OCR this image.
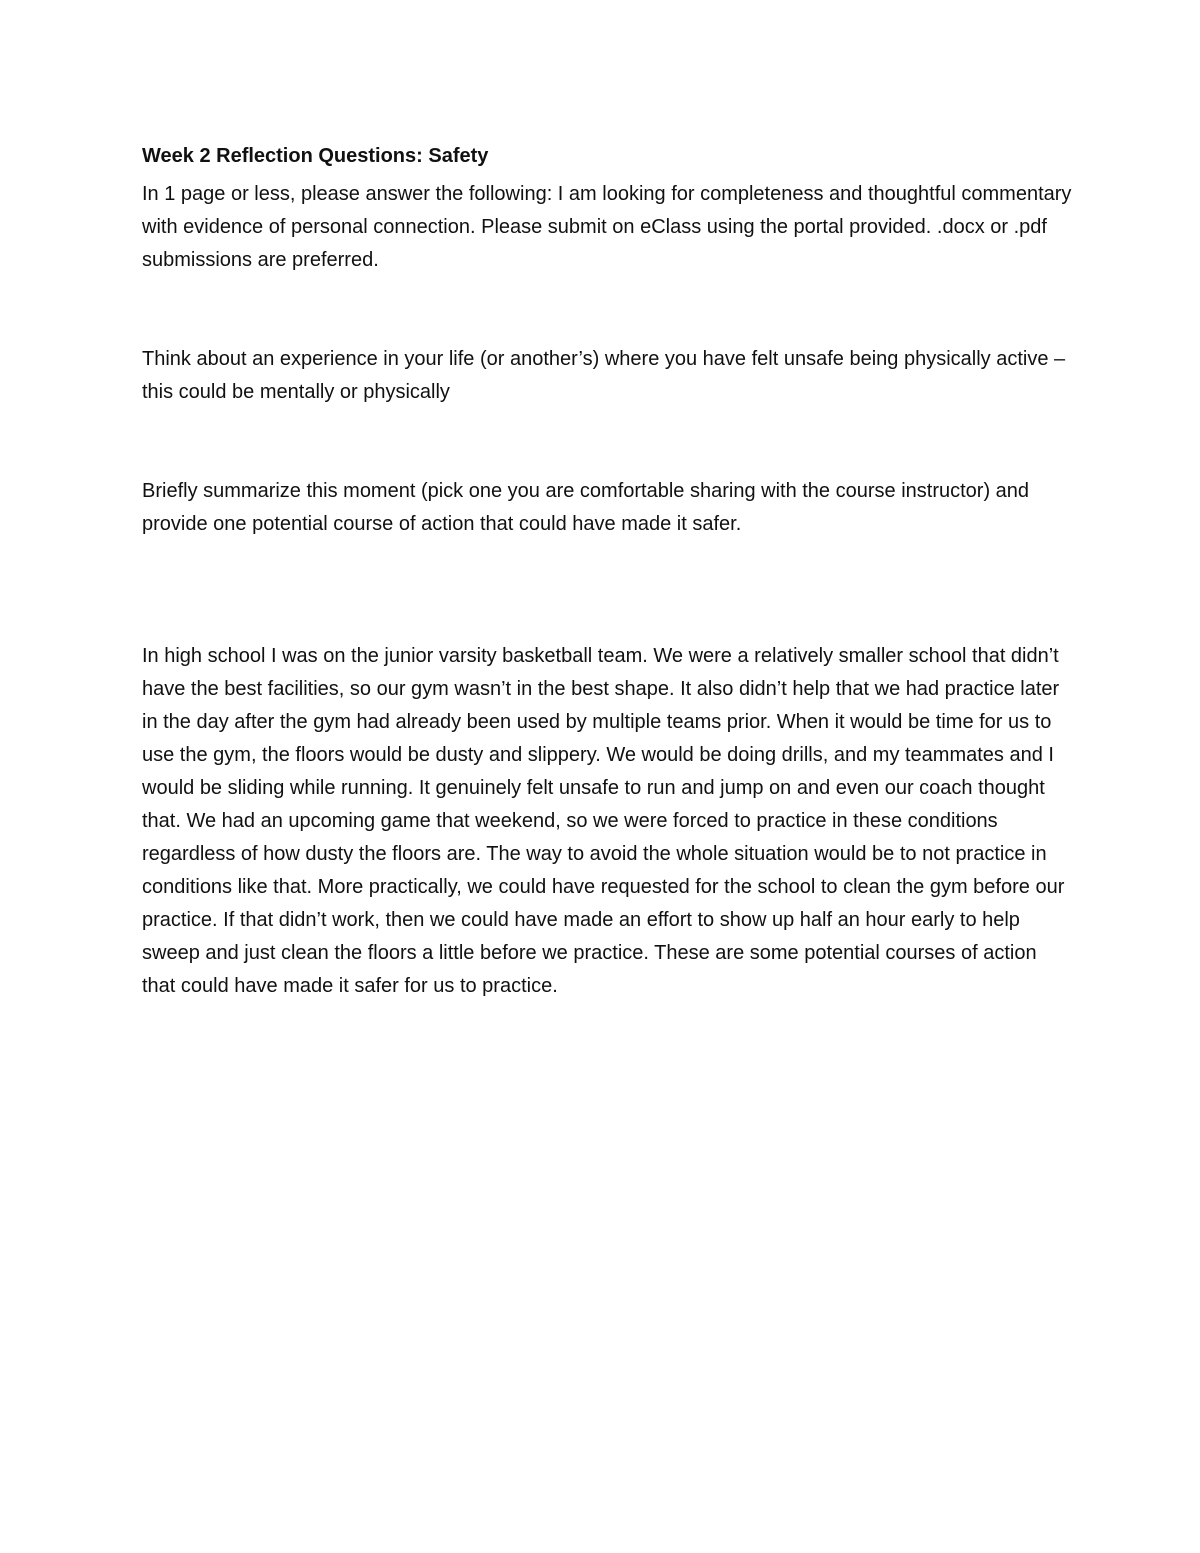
Week 2 Reflection Questions: Safety

In 1 page or less, please answer the following: I am looking for completeness and thoughtful commentary with evidence of personal connection. Please submit on eClass using the portal provided. .docx or .pdf submissions are preferred.

Think about an experience in your life (or another’s) where you have felt unsafe being physically active – this could be mentally or physically

Briefly summarize this moment (pick one you are comfortable sharing with the course instructor) and provide one potential course of action that could have made it safer.

In high school I was on the junior varsity basketball team. We were a relatively smaller school that didn’t have the best facilities, so our gym wasn’t in the best shape. It also didn’t help that we had practice later in the day after the gym had already been used by multiple teams prior. When it would be time for us to use the gym, the floors would be dusty and slippery. We would be doing drills, and my teammates and I would be sliding while running. It genuinely felt unsafe to run and jump on and even our coach thought that. We had an upcoming game that weekend, so we were forced to practice in these conditions regardless of how dusty the floors are. The way to avoid the whole situation would be to not practice in conditions like that. More practically, we could have requested for the school to clean the gym before our practice. If that didn’t work, then we could have made an effort to show up half an hour early to help sweep and just clean the floors a little before we practice. These are some potential courses of action that could have made it safer for us to practice.
